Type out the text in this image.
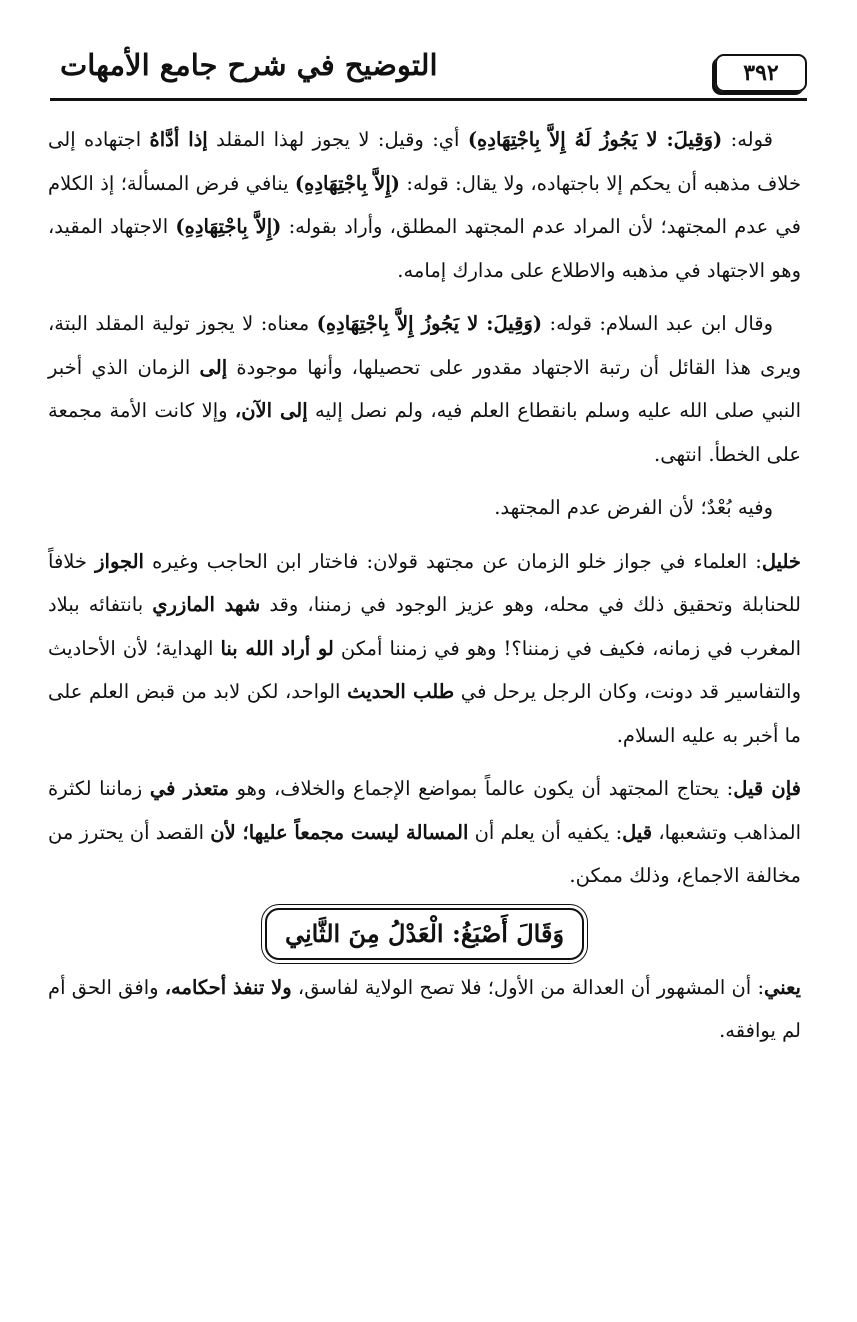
٣٩٢
التوضيح في شرح جامع الأمهات

قوله: (وَقِيلَ: لا يَجُوزُ لَهُ إِلاَّ بِاجْتِهَادِهِ) أي: وقيل: لا يجوز لهذا المقلد إذا أدَّاهُ اجتهاده إلى خلاف مذهبه أن يحكم إلا باجتهاده، ولا يقال: قوله: (إِلاَّ بِاجْتِهَادِهِ) ينافي فرض المسألة؛ إذ الكلام في عدم المجتهد؛ لأن المراد عدم المجتهد المطلق، وأراد بقوله: (إِلاَّ بِاجْتِهَادِهِ) الاجتهاد المقيد، وهو الاجتهاد في مذهبه والاطلاع على مدارك إمامه.

وقال ابن عبد السلام: قوله: (وَقِيلَ: لا يَجُوزُ إِلاَّ بِاجْتِهَادِهِ) معناه: لا يجوز تولية المقلد البتة، ويرى هذا القائل أن رتبة الاجتهاد مقدور على تحصيلها، وأنها موجودة إلى الزمان الذي أخبر النبي صلى الله عليه وسلم بانقطاع العلم فيه، ولم نصل إليه إلى الآن، وإلا كانت الأمة مجمعة على الخطأ. انتهى.

وفيه بُعْدٌ؛ لأن الفرض عدم المجتهد.

خليل: العلماء في جواز خلو الزمان عن مجتهد قولان: فاختار ابن الحاجب وغيره الجواز خلافاً للحنابلة وتحقيق ذلك في محله، وهو عزيز الوجود في زمننا، وقد شهد المازري بانتفائه ببلاد المغرب في زمانه، فكيف في زمننا؟! وهو في زمننا أمكن لو أراد الله بنا الهداية؛ لأن الأحاديث والتفاسير قد دونت، وكان الرجل يرحل في طلب الحديث الواحد، لكن لابد من قبض العلم على ما أخبر به عليه السلام.

فإن قيل: يحتاج المجتهد أن يكون عالماً بمواضع الإجماع والخلاف، وهو متعذر في زماننا لكثرة المذاهب وتشعبها، قيل: يكفيه أن يعلم أن المسالة ليست مجمعاً عليها؛ لأن القصد أن يحترز من مخالفة الاجماع، وذلك ممكن.

وَقَالَ أَصْبَغُ: الْعَدْلُ مِنَ الثَّانِي

يعني: أن المشهور أن العدالة من الأول؛ فلا تصح الولاية لفاسق، ولا تنفذ أحكامه، وافق الحق أم لم يوافقه.
